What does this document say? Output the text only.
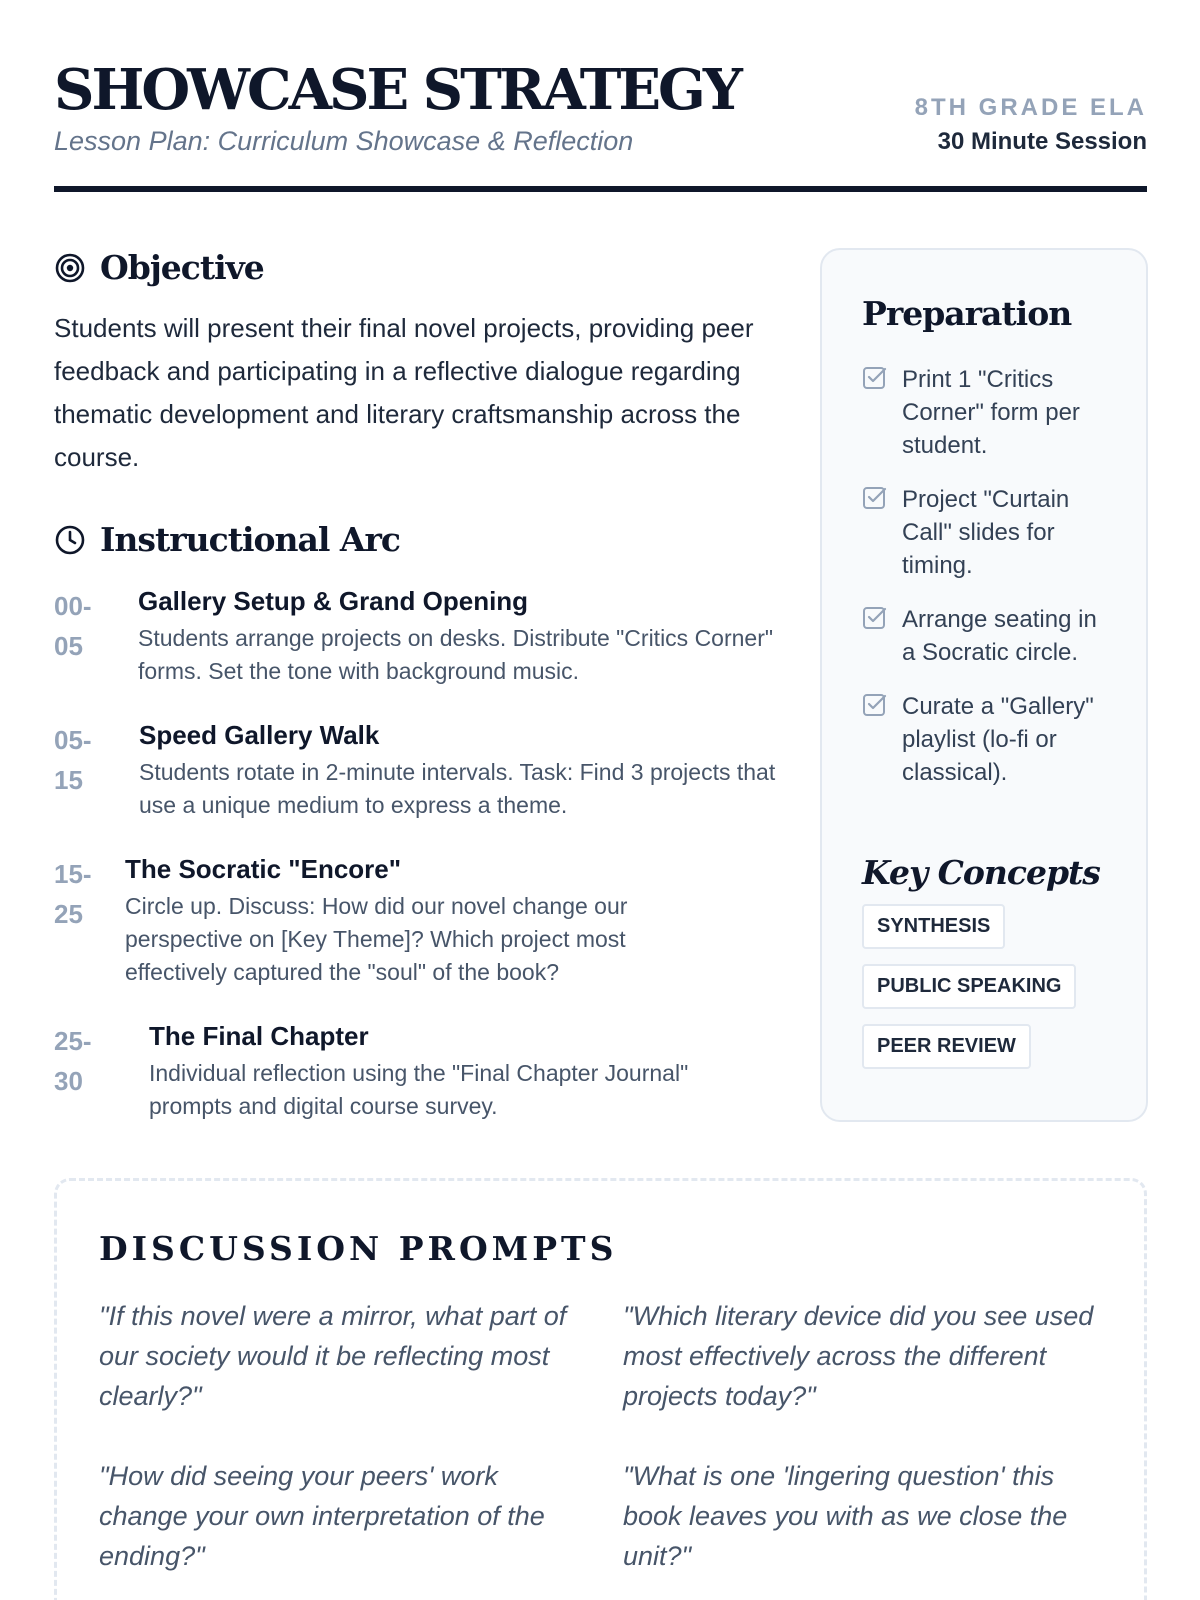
SHOWCASE STRATEGY
Lesson Plan: Curriculum Showcase & Reflection
8TH GRADE ELA
30 Minute Session
Objective

Students will present their final novel projects, providing peer feedback and participating in a reflective dialogue regarding thematic development and literary craftsmanship across the course.

Instructional Arc
00-05
Gallery Setup & Grand Opening
Students arrange projects on desks. Distribute "Critics Corner" forms. Set the tone with background music.
05-15
Speed Gallery Walk
Students rotate in 2-minute intervals. Task: Find 3 projects that use a unique medium to express a theme.
15-25
The Socratic "Encore"
Circle up. Discuss: How did our novel change our perspective on [Key Theme]? Which project most effectively captured the "soul" of the book?
25-30
The Final Chapter
Individual reflection using the "Final Chapter Journal" prompts and digital course survey.
Preparation
Print 1 "Critics Corner" form per student.
Project "Curtain Call" slides for timing.
Arrange seating in a Socratic circle.
Curate a "Gallery" playlist (lo-fi or classical).
Key Concepts
SYNTHESIS
PUBLIC SPEAKING
PEER REVIEW
DISCUSSION PROMPTS

"If this novel were a mirror, what part of our society would it be reflecting most clearly?"

"Which literary device did you see used most effectively across the different projects today?"

"How did seeing your peers' work change your own interpretation of the ending?"

"What is one 'lingering question' this book leaves you with as we close the unit?"
